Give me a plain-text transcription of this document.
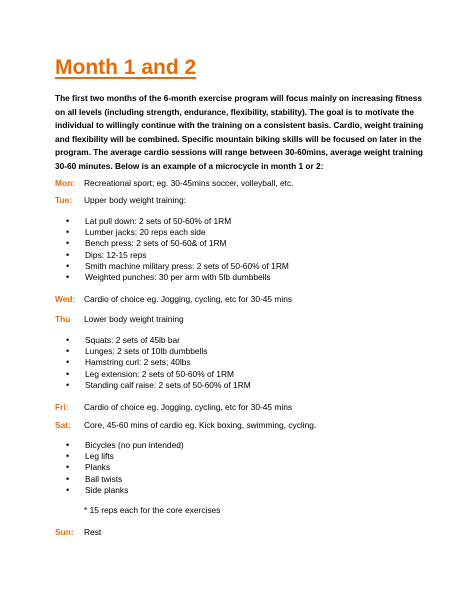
Month 1 and 2

The first two months of the 6-month exercise program will focus mainly on increasing fitness on all levels (including strength, endurance, flexibility, stability). The goal is to motivate the individual to willingly continue with the training on a consistent basis. Cardio, weight training and flexibility will be combined. Specific mountain biking skills will be focused on later in the program. The average cardio sessions will range between 30-60mins, average weight training 30-60 minutes. Below is an example of a microcycle in month 1 or 2:

Mon: Recreational sport; eg. 30-45mins soccer, volleyball, etc.
Tue: Upper body weight training:
• Lat pull down: 2 sets of 50-60% of 1RM
• Lumber jacks: 20 reps each side
• Bench press: 2 sets of 50-60& of 1RM
• Dips: 12-15 reps
• Smith machine military press: 2 sets of 50-60% of 1RM
• Weighted punches: 30 per arm with 5lb dumbbells
Wed: Cardio of choice eg. Jogging, cycling, etc for 30-45 mins
Thu Lower body weight training
• Squats: 2 sets of 45lb bar
• Lunges: 2 sets of 10lb dumbbells
• Hamstring curl: 2 sets; 40lbs
• Leg extension: 2 sets of 50-60% of 1RM
• Standing calf raise: 2 sets of 50-60% of 1RM
Fri: Cardio of choice eg. Jogging, cycling, etc for 30-45 mins
Sat: Core, 45-60 mins of cardio eg. Kick boxing, swimming, cycling.
• Bicycles (no pun intended)
• Leg lifts
• Planks
• Ball twists
• Side planks
* 15 reps each for the core exercises
Sun: Rest
